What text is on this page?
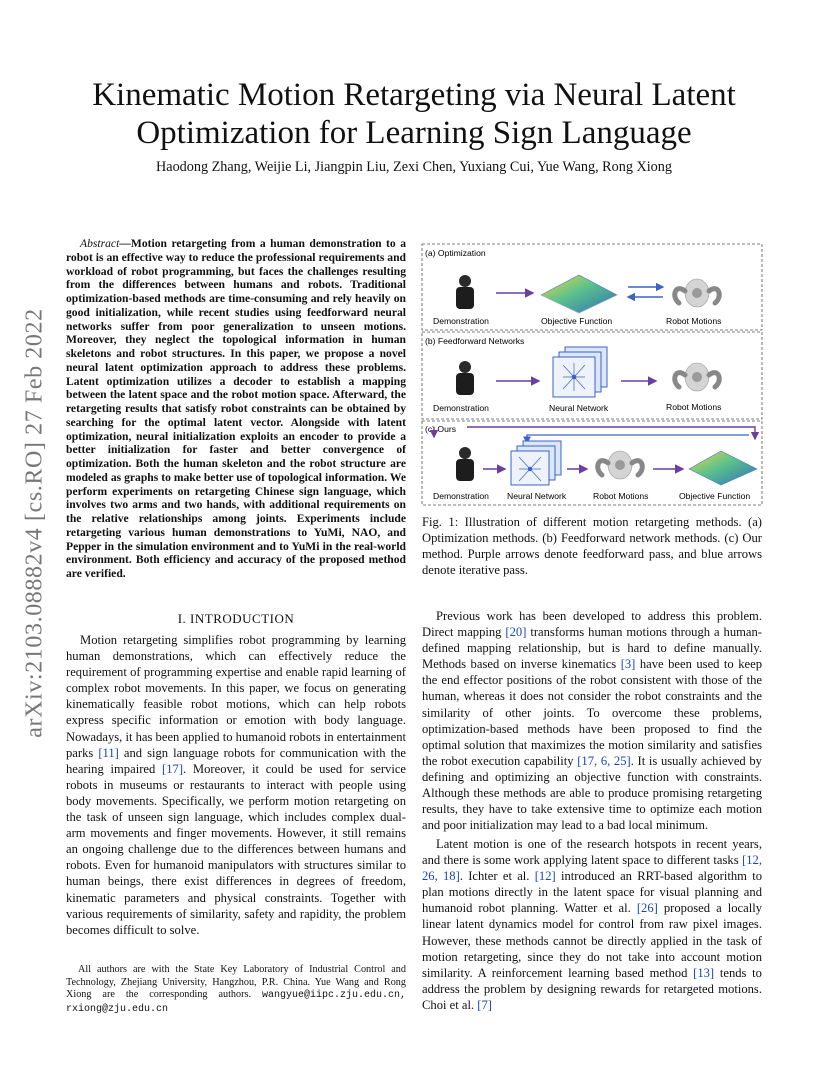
arXiv:2103.08882v4 [cs.RO] 27 Feb 2022
Kinematic Motion Retargeting via Neural Latent Optimization for Learning Sign Language
Haodong Zhang, Weijie Li, Jiangpin Liu, Zexi Chen, Yuxiang Cui, Yue Wang, Rong Xiong
Abstract—Motion retargeting from a human demonstration to a robot is an effective way to reduce the professional requirements and workload of robot programming, but faces the challenges resulting from the differences between humans and robots. Traditional optimization-based methods are time-consuming and rely heavily on good initialization, while recent studies using feedforward neural networks suffer from poor generalization to unseen motions. Moreover, they neglect the topological information in human skeletons and robot structures. In this paper, we propose a novel neural latent optimization approach to address these problems. Latent optimization utilizes a decoder to establish a mapping between the latent space and the robot motion space. Afterward, the retargeting results that satisfy robot constraints can be obtained by searching for the optimal latent vector. Alongside with latent optimization, neural initialization exploits an encoder to provide a better initialization for faster and better convergence of optimization. Both the human skeleton and the robot structure are modeled as graphs to make better use of topological information. We perform experiments on retargeting Chinese sign language, which involves two arms and two hands, with additional requirements on the relative relationships among joints. Experiments include retargeting various human demonstrations to YuMi, NAO, and Pepper in the simulation environment and to YuMi in the real-world environment. Both efficiency and accuracy of the proposed method are verified.
I. INTRODUCTION
Motion retargeting simplifies robot programming by learning human demonstrations, which can effectively reduce the requirement of programming expertise and enable rapid learning of complex robot movements. In this paper, we focus on generating kinematically feasible robot motions, which can help robots express specific information or emotion with body language. Nowadays, it has been applied to humanoid robots in entertainment parks [11] and sign language robots for communication with the hearing impaired [17]. Moreover, it could be used for service robots in museums or restaurants to interact with people using body movements. Specifically, we perform motion retargeting on the task of unseen sign language, which includes complex dual-arm movements and finger movements. However, it still remains an ongoing challenge due to the differences between humans and robots. Even for humanoid manipulators with structures similar to human beings, there exist differences in degrees of freedom, kinematic parameters and physical constraints. Together with various requirements of similarity, safety and rapidity, the problem becomes difficult to solve.
All authors are with the State Key Laboratory of Industrial Control and Technology, Zhejiang University, Hangzhou, P.R. China. Yue Wang and Rong Xiong are the corresponding authors. wangyue@iipc.zju.edu.cn, rxiong@zju.edu.cn
(a) Optimization
(b) Feedforward Networks
(c) Ours
Demonstration	Objective Function	Robot Motions
Demonstration	Neural Network	Robot Motions
Demonstration Neural Network	Robot Motions	Objective Function
Fig. 1: Illustration of different motion retargeting methods. (a) Optimization methods. (b) Feedforward network methods. (c) Our method. Purple arrows denote feedforward pass, and blue arrows denote iterative pass.
Previous work has been developed to address this problem. Direct mapping [20] transforms human motions through a human-defined mapping relationship, but is hard to define manually. Methods based on inverse kinematics [3] have been used to keep the end effector positions of the robot consistent with those of the human, whereas it does not consider the robot constraints and the similarity of other joints. To overcome these problems, optimization-based methods have been proposed to find the optimal solution that maximizes the motion similarity and satisfies the robot execution capability [17, 6, 25]. It is usually achieved by defining and optimizing an objective function with constraints. Although these methods are able to produce promising retargeting results, they have to take extensive time to optimize each motion and poor initialization may lead to a bad local minimum.
Latent motion is one of the research hotspots in recent years, and there is some work applying latent space to different tasks [12, 26, 18]. Ichter et al. [12] introduced an RRT-based algorithm to plan motions directly in the latent space for visual planning and humanoid robot planning. Watter et al. [26] proposed a locally linear latent dynamics model for control from raw pixel images. However, these methods cannot be directly applied in the task of motion retargeting, since they do not take into account motion similarity. A reinforcement learning based method [13] tends to address the problem by designing rewards for retargeted motions. Choi et al. [7]
